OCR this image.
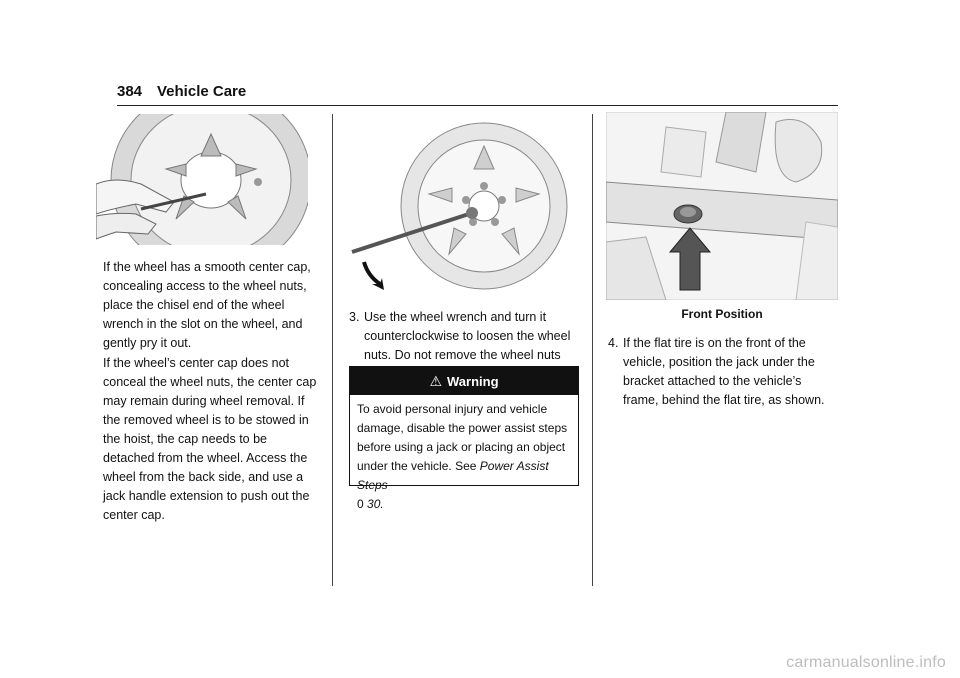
384 Vehicle Care

If the wheel has a smooth center cap, concealing access to the wheel nuts, place the chisel end of the wheel wrench in the slot on the wheel, and gently pry it out.

If the wheel’s center cap does not conceal the wheel nuts, the center cap may remain during wheel removal. If the removed wheel is to be stowed in the hoist, the cap needs to be detached from the wheel. Access the wheel from the back side, and use a jack handle extension to push out the center cap.

3. Use the wheel wrench and turn it counterclockwise to loosen the wheel nuts. Do not remove the wheel nuts
⚠ Warning
To avoid personal injury and vehicle damage, disable the power assist steps before using a jack or placing an object under the vehicle. See Power Assist Steps
0 30.
Front Position
4. If the flat tire is on the front of the vehicle, position the jack under the bracket attached to the vehicle’s frame, behind the flat tire, as shown.
carmanualsonline.info
